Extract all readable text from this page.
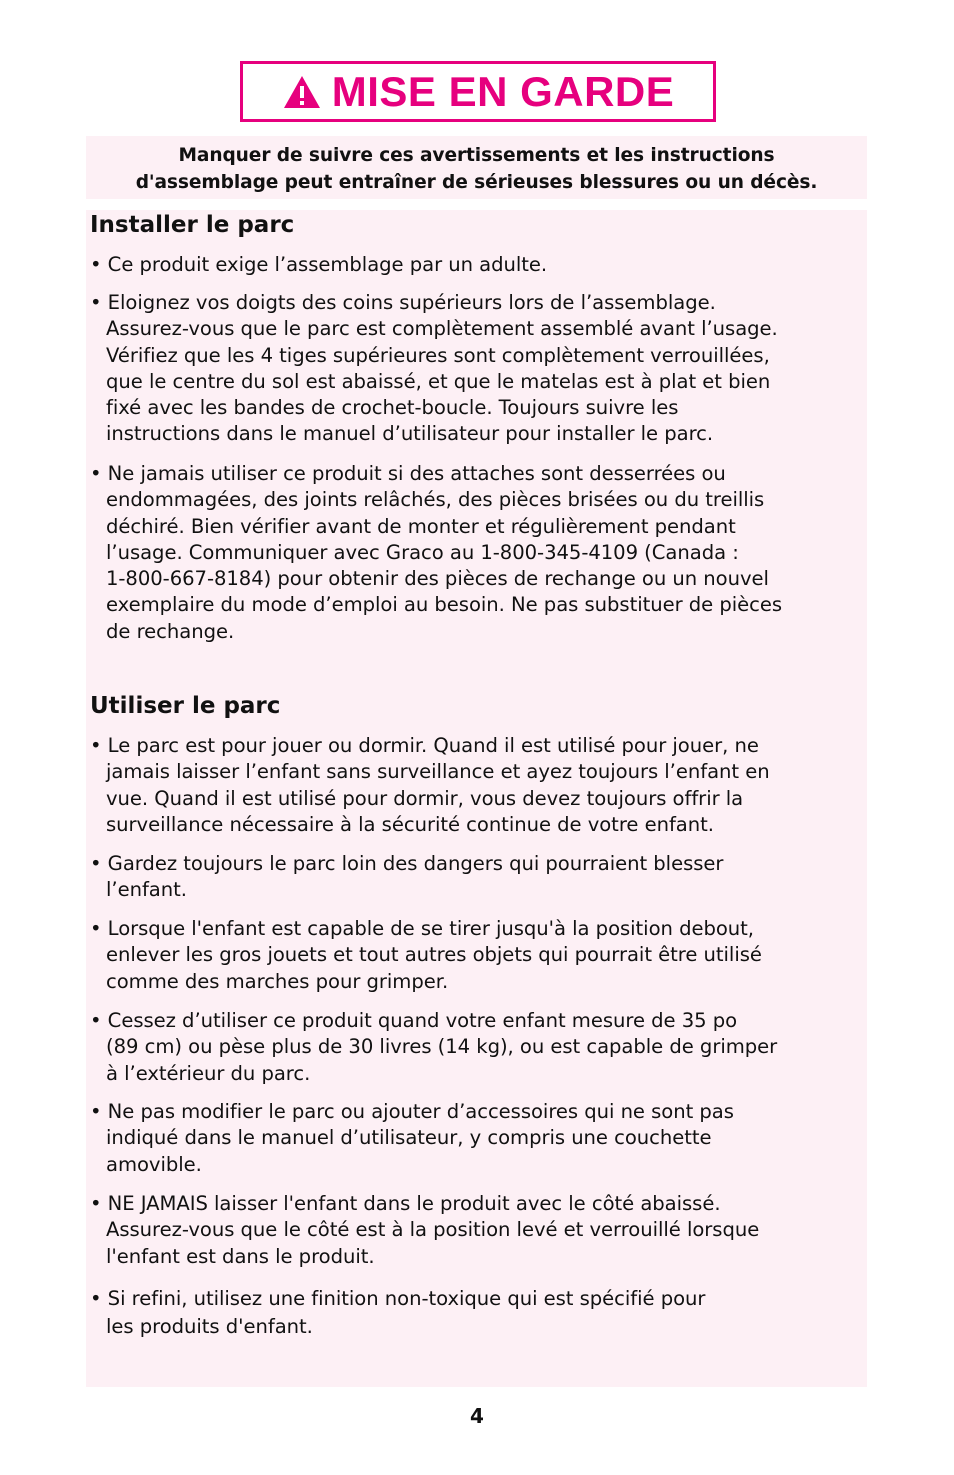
MISE EN GARDE
Manquer de suivre ces avertissements et les instructions
d'assemblage peut entraîner de sérieuses blessures ou un décès.
Installer le parc
• Ce produit exige l’assemblage par un adulte.
• Eloignez vos doigts des coins supérieurs lors de l’assemblage.
Assurez-vous que le parc est complètement assemblé avant l’usage.
Vérifiez que les 4 tiges supérieures sont complètement verrouillées,
que le centre du sol est abaissé, et que le matelas est à plat et bien
fixé avec les bandes de crochet-boucle. Toujours suivre les
instructions dans le manuel d’utilisateur pour installer le parc.
• Ne jamais utiliser ce produit si des attaches sont desserrées ou
endommagées, des joints relâchés, des pièces brisées ou du treillis
déchiré. Bien vérifier avant de monter et régulièrement pendant
l’usage. Communiquer avec Graco au 1-800-345-4109 (Canada :
1-800-667-8184) pour obtenir des pièces de rechange ou un nouvel
exemplaire du mode d’emploi au besoin. Ne pas substituer de pièces
de rechange.
Utiliser le parc
• Le parc est pour jouer ou dormir. Quand il est utilisé pour jouer, ne
jamais laisser l’enfant sans surveillance et ayez toujours l’enfant en
vue. Quand il est utilisé pour dormir, vous devez toujours offrir la
surveillance nécessaire à la sécurité continue de votre enfant.
• Gardez toujours le parc loin des dangers qui pourraient blesser
l’enfant.
• Lorsque l'enfant est capable de se tirer jusqu'à la position debout,
enlever les gros jouets et tout autres objets qui pourrait être utilisé
comme des marches pour grimper.
• Cessez d’utiliser ce produit quand votre enfant mesure de 35 po
(89 cm) ou pèse plus de 30 livres (14 kg), ou est capable de grimper
à l’extérieur du parc.
• Ne pas modifier le parc ou ajouter d’accessoires qui ne sont pas
indiqué dans le manuel d’utilisateur, y compris une couchette
amovible.
• NE JAMAIS laisser l'enfant dans le produit avec le côté abaissé.
Assurez-vous que le côté est à la position levé et verrouillé lorsque
l'enfant est dans le produit.
• Si refini, utilisez une finition non-toxique qui est spécifié pour
les produits d'enfant.
4
